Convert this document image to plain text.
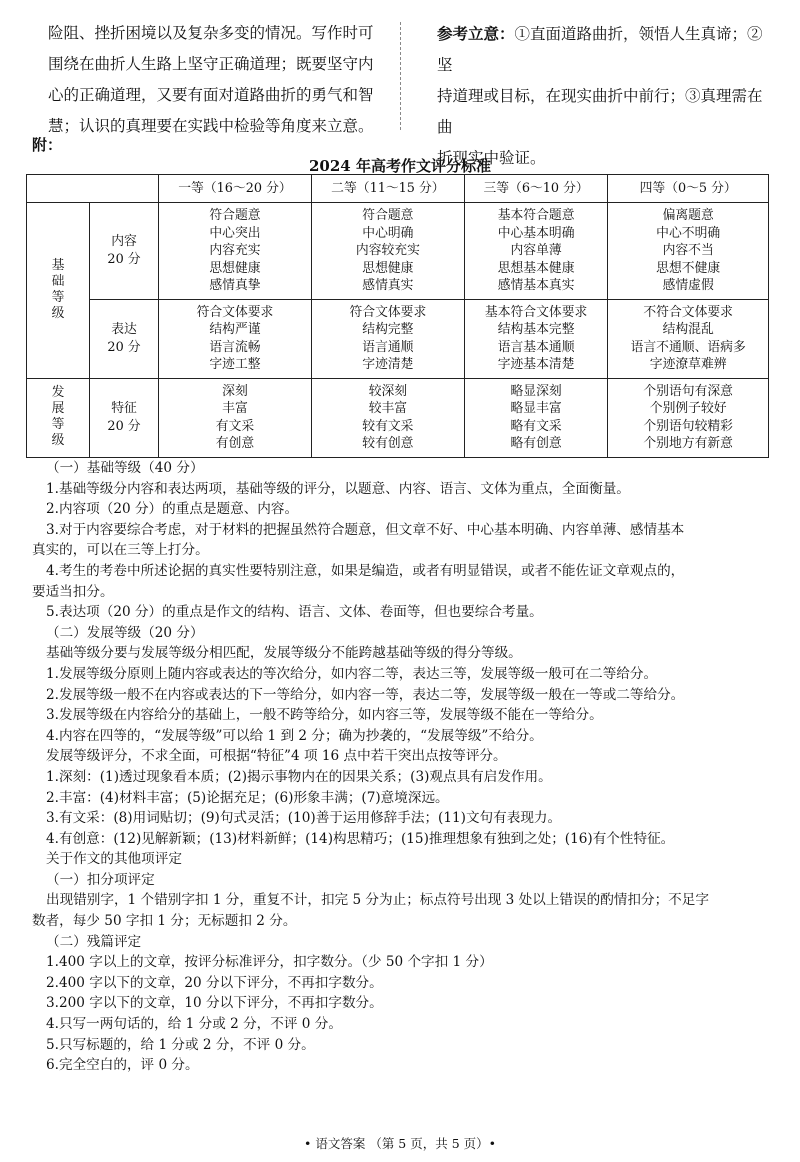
险阻、挫折困境以及复杂多变的情况。写作时可
围绕在曲折人生路上坚守正确道理；既要坚守内
心的正确道理，又要有面对道路曲折的勇气和智
慧；认识的真理要在实践中检验等角度来立意。
参考立意：①直面道路曲折，领悟人生真谛；②坚
持道理或目标，在现实曲折中前行；③真理需在曲
折现实中验证。
附：
2024 年高考作文评分标准
		一等（16～20 分）	二等（11～15 分）	三等（6～10 分）	四等（0～5 分）
基础等级	内容
20 分	符合题意
中心突出
内容充实
思想健康
感情真挚	符合题意
中心明确
内容较充实
思想健康
感情真实	基本符合题意
中心基本明确
内容单薄
思想基本健康
感情基本真实	偏离题意
中心不明确
内容不当
思想不健康
感情虚假

	表达
20 分	符合文体要求
结构严谨
语言流畅
字迹工整	符合文体要求
结构完整
语言通顺
字迹清楚	基本符合文体要求
结构基本完整
语言基本通顺
字迹基本清楚	不符合文体要求
结构混乱
语言不通顺、语病多
字迹潦草难辨

发展等级	特征
20 分	深刻
丰富
有文采
有创意	较深刻
较丰富
较有文采
较有创意	略显深刻
略显丰富
略有文采
略有创意	个别语句有深意
个别例子较好
个别语句较精彩
个别地方有新意

（一）基础等级（40 分）

1.基础等级分内容和表达两项，基础等级的评分，以题意、内容、语言、文体为重点，全面衡量。

2.内容项（20 分）的重点是题意、内容。

3.对于内容要综合考虑，对于材料的把握虽然符合题意，但文章不好、中心基本明确、内容单薄、感情基本

真实的，可以在三等上打分。

4.考生的考卷中所述论据的真实性要特别注意，如果是编造，或者有明显错误，或者不能佐证文章观点的，

要适当扣分。

5.表达项（20 分）的重点是作文的结构、语言、文体、卷面等，但也要综合考量。

（二）发展等级（20 分）

基础等级分要与发展等级分相匹配，发展等级分不能跨越基础等级的得分等级。

1.发展等级分原则上随内容或表达的等次给分，如内容二等，表达三等，发展等级一般可在二等给分。

2.发展等级一般不在内容或表达的下一等给分，如内容一等，表达二等，发展等级一般在一等或二等给分。

3.发展等级在内容给分的基础上，一般不跨等给分，如内容三等，发展等级不能在一等给分。

4.内容在四等的，“发展等级”可以给 1 到 2 分；确为抄袭的，“发展等级”不给分。

发展等级评分，不求全面，可根据“特征”4 项 16 点中若干突出点按等评分。

1.深刻：(1)透过现象看本质；(2)揭示事物内在的因果关系；(3)观点具有启发作用。

2.丰富：(4)材料丰富；(5)论据充足；(6)形象丰满；(7)意境深远。

3.有文采：(8)用词贴切；(9)句式灵活；(10)善于运用修辞手法；(11)文句有表现力。

4.有创意：(12)见解新颖；(13)材料新鲜；(14)构思精巧；(15)推理想象有独到之处；(16)有个性特征。

关于作文的其他项评定

（一）扣分项评定

出现错别字，1 个错别字扣 1 分，重复不计，扣完 5 分为止；标点符号出现 3 处以上错误的酌情扣分；不足字

数者，每少 50 字扣 1 分；无标题扣 2 分。

（二）残篇评定

1.400 字以上的文章，按评分标准评分，扣字数分。（少 50 个字扣 1 分）

2.400 字以下的文章，20 分以下评分，不再扣字数分。

3.200 字以下的文章，10 分以下评分，不再扣字数分。

4.只写一两句话的，给 1 分或 2 分，不评 0 分。

5.只写标题的，给 1 分或 2 分，不评 0 分。

6.完全空白的，评 0 分。

• 语文答案 （第 5 页，共 5 页）•
